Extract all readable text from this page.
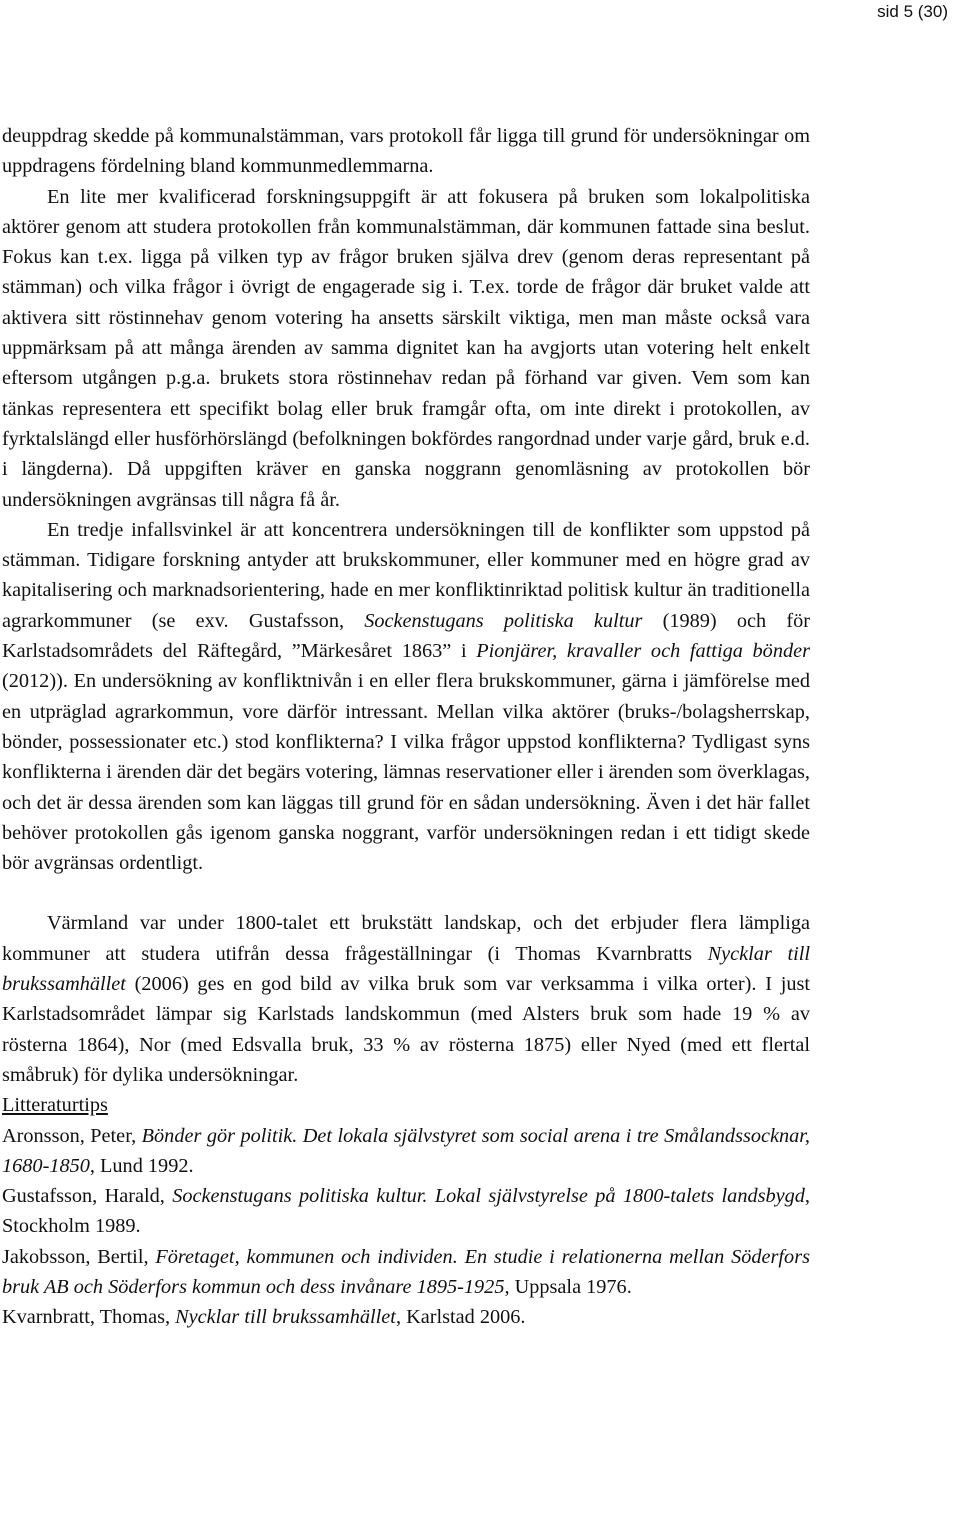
sid 5 (30)

deuppdrag skedde på kommunalstämman, vars protokoll får ligga till grund för undersökningar om uppdragens fördelning bland kommunmedlemmarna.

En lite mer kvalificerad forskningsuppgift är att fokusera på bruken som lokalpolitiska aktörer genom att studera protokollen från kommunalstämman, där kommunen fattade sina beslut. Fokus kan t.ex. ligga på vilken typ av frågor bruken själva drev (genom deras representant på stämman) och vilka frågor i övrigt de engagerade sig i. T.ex. torde de frågor där bruket valde att aktivera sitt röstinnehav genom votering ha ansetts särskilt viktiga, men man måste också vara uppmärksam på att många ärenden av samma dignitet kan ha avgjorts utan votering helt enkelt eftersom utgången p.g.a. brukets stora röstinnehav redan på förhand var given. Vem som kan tänkas representera ett specifikt bolag eller bruk framgår ofta, om inte direkt i protokollen, av fyrktalslängd eller husförhörslängd (befolkningen bokfördes rangordnad under varje gård, bruk e.d. i längderna). Då uppgiften kräver en ganska noggrann genomläsning av protokollen bör undersökningen avgränsas till några få år.

En tredje infallsvinkel är att koncentrera undersökningen till de konflikter som uppstod på stämman. Tidigare forskning antyder att brukskommuner, eller kommuner med en högre grad av kapitalisering och marknadsorientering, hade en mer konfliktinriktad politisk kultur än traditionella agrarkommuner (se exv. Gustafsson, Sockenstugans politiska kultur (1989) och för Karlstadsområdets del Räftegård, ”Märkesåret 1863” i Pionjärer, kravaller och fattiga bönder (2012)). En undersökning av konfliktnivån i en eller flera brukskommuner, gärna i jämförelse med en utpräglad agrarkommun, vore därför intressant. Mellan vilka aktörer (bruks-/bolagsherrskap, bönder, possessionater etc.) stod konflikterna? I vilka frågor uppstod konflikterna? Tydligast syns konflikterna i ärenden där det begärs votering, lämnas reservationer eller i ärenden som överklagas, och det är dessa ärenden som kan läggas till grund för en sådan undersökning. Även i det här fallet behöver protokollen gås igenom ganska noggrant, varför undersökningen redan i ett tidigt skede bör avgränsas ordentligt.

Värmland var under 1800-talet ett brukstätt landskap, och det erbjuder flera lämpliga kommuner att studera utifrån dessa frågeställningar (i Thomas Kvarnbratts Nycklar till brukssamhället (2006) ges en god bild av vilka bruk som var verksamma i vilka orter). I just Karlstadsområdet lämpar sig Karlstads landskommun (med Alsters bruk som hade 19 % av rösterna 1864), Nor (med Edsvalla bruk, 33 % av rösterna 1875) eller Nyed (med ett flertal småbruk) för dylika undersökningar.

Litteraturtips

Aronsson, Peter, Bönder gör politik. Det lokala självstyret som social arena i tre Smålandssocknar, 1680-1850, Lund 1992.

Gustafsson, Harald, Sockenstugans politiska kultur. Lokal självstyrelse på 1800-talets landsbygd, Stockholm 1989.

Jakobsson, Bertil, Företaget, kommunen och individen. En studie i relationerna mellan Söderfors bruk AB och Söderfors kommun och dess invånare 1895-1925, Uppsala 1976.

Kvarnbratt, Thomas, Nycklar till brukssamhället, Karlstad 2006.
